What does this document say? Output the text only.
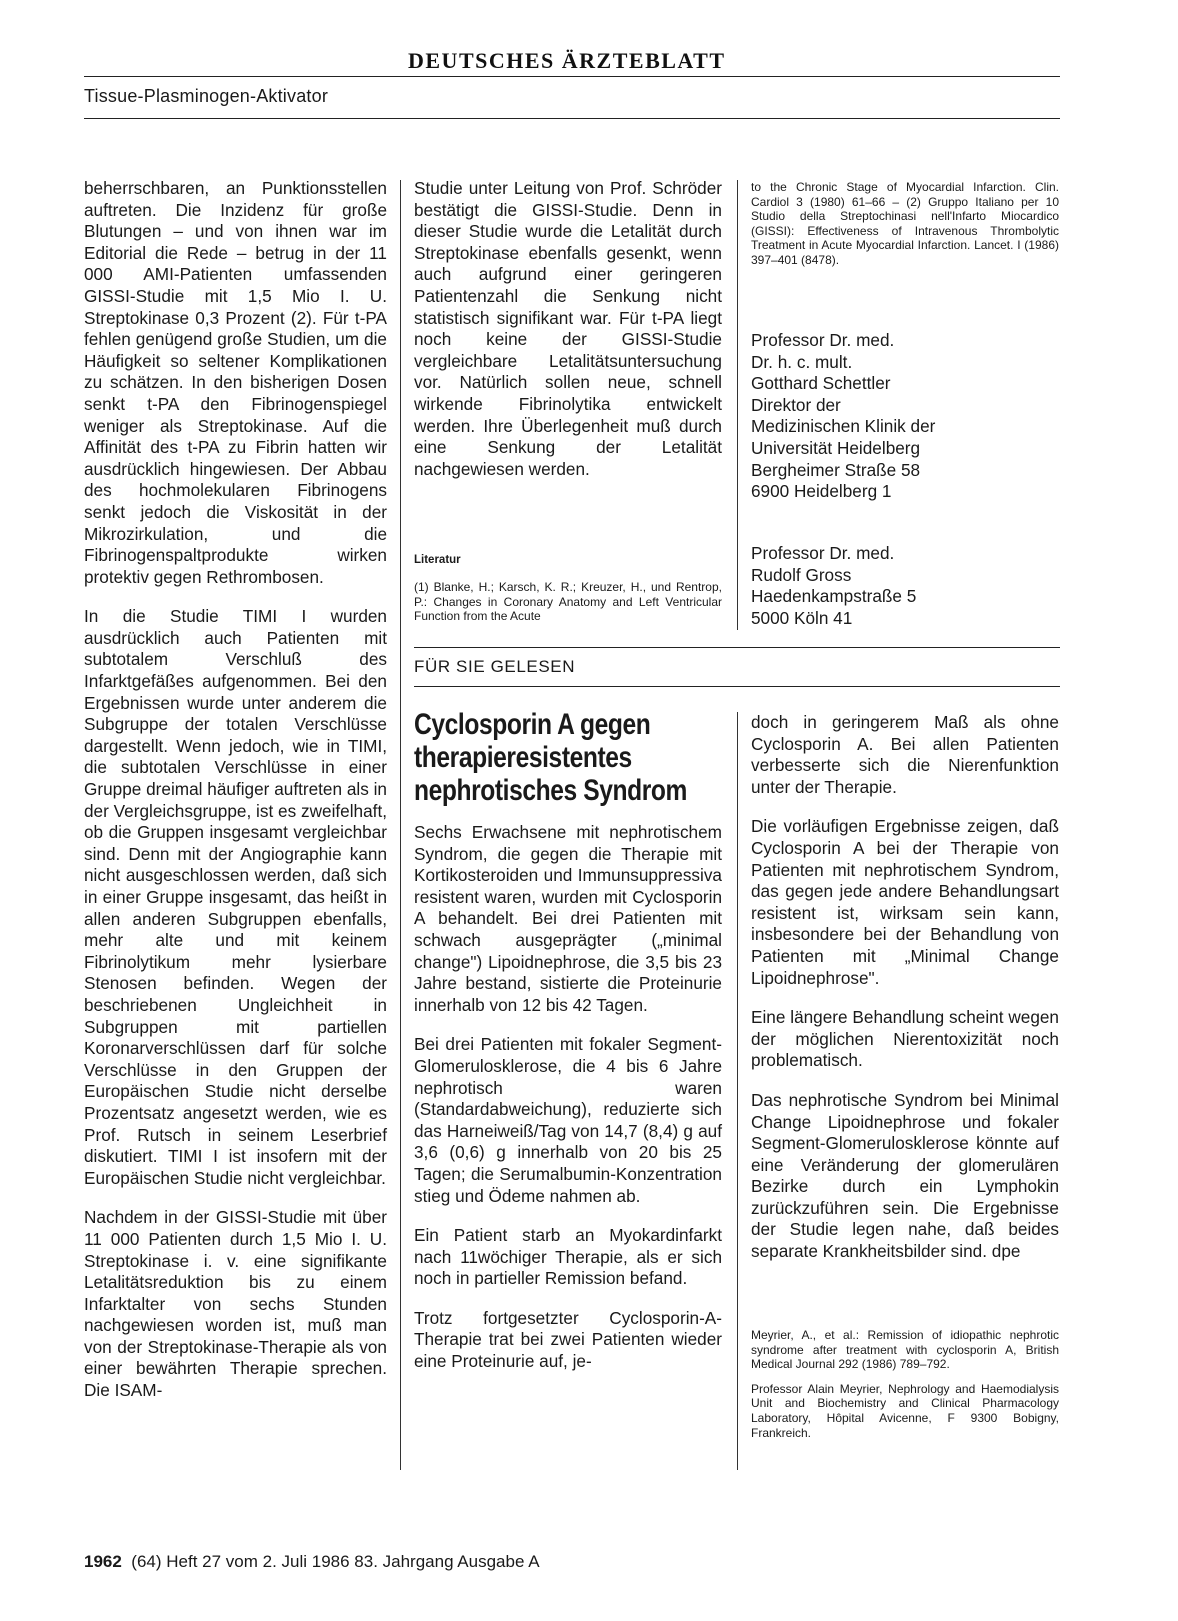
DEUTSCHES ÄRZTEBLATT
Tissue-Plasminogen-Aktivator

beherrschbaren, an Punktionsstellen auftreten. Die Inzidenz für große Blutungen – und von ihnen war im Editorial die Rede – betrug in der 11 000 AMI-Patienten umfassenden GISSI-Studie mit 1,5 Mio I. U. Streptokinase 0,3 Prozent (2). Für t-PA fehlen genügend große Studien, um die Häufigkeit so seltener Komplikationen zu schätzen. In den bisherigen Dosen senkt t-PA den Fibrinogenspiegel weniger als Streptokinase. Auf die Affinität des t-PA zu Fibrin hatten wir ausdrücklich hingewiesen. Der Abbau des hochmolekularen Fibrinogens senkt jedoch die Viskosität in der Mikrozirkulation, und die Fibrinogenspaltprodukte wirken protektiv gegen Rethrombosen.

In die Studie TIMI I wurden ausdrücklich auch Patienten mit subtotalem Verschluß des Infarktgefäßes aufgenommen. Bei den Ergebnissen wurde unter anderem die Subgruppe der totalen Verschlüsse dargestellt. Wenn jedoch, wie in TIMI, die subtotalen Verschlüsse in einer Gruppe dreimal häufiger auftreten als in der Vergleichsgruppe, ist es zweifelhaft, ob die Gruppen insgesamt vergleichbar sind. Denn mit der Angiographie kann nicht ausgeschlossen werden, daß sich in einer Gruppe insgesamt, das heißt in allen anderen Subgruppen ebenfalls, mehr alte und mit keinem Fibrinolytikum mehr lysierbare Stenosen befinden. Wegen der beschriebenen Ungleichheit in Subgruppen mit partiellen Koronarverschlüssen darf für solche Verschlüsse in den Gruppen der Europäischen Studie nicht derselbe Prozentsatz angesetzt werden, wie es Prof. Rutsch in seinem Leserbrief diskutiert. TIMI I ist insofern mit der Europäischen Studie nicht vergleichbar.

Nachdem in der GISSI-Studie mit über 11 000 Patienten durch 1,5 Mio I. U. Streptokinase i. v. eine signifikante Letalitätsreduktion bis zu einem Infarktalter von sechs Stunden nachgewiesen worden ist, muß man von der Streptokinase-Therapie als von einer bewährten Therapie sprechen. Die ISAM-

Studie unter Leitung von Prof. Schröder bestätigt die GISSI-Studie. Denn in dieser Studie wurde die Letalität durch Streptokinase ebenfalls gesenkt, wenn auch aufgrund einer geringeren Patientenzahl die Senkung nicht statistisch signifikant war. Für t-PA liegt noch keine der GISSI-Studie vergleichbare Letalitätsuntersuchung vor. Natürlich sollen neue, schnell wirkende Fibrinolytika entwickelt werden. Ihre Überlegenheit muß durch eine Senkung der Letalität nachgewiesen werden.

Literatur

(1) Blanke, H.; Karsch, K. R.; Kreuzer, H., und Rentrop, P.: Changes in Coronary Anatomy and Left Ventricular Function from the Acute

to the Chronic Stage of Myocardial Infarction. Clin. Cardiol 3 (1980) 61–66 – (2) Gruppo Italiano per 10 Studio della Streptochinasi nell'Infarto Miocardico (GISSI): Effectiveness of Intravenous Thrombolytic Treatment in Acute Myocardial Infarction. Lancet. I (1986) 397–401 (8478).

Professor Dr. med.
Dr. h. c. mult.
Gotthard Schettler
Direktor der
Medizinischen Klinik der
Universität Heidelberg
Bergheimer Straße 58
6900 Heidelberg 1
Professor Dr. med.
Rudolf Gross
Haedenkampstraße 5
5000 Köln 41
FÜR SIE GELESEN
Cyclosporin A gegen
therapieresistentes
nephrotisches Syndrom

Sechs Erwachsene mit nephrotischem Syndrom, die gegen die Therapie mit Kortikosteroiden und Immunsuppressiva resistent waren, wurden mit Cyclosporin A behandelt. Bei drei Patienten mit schwach ausgeprägter („minimal change") Lipoidnephrose, die 3,5 bis 23 Jahre bestand, sistierte die Proteinurie innerhalb von 12 bis 42 Tagen.

Bei drei Patienten mit fokaler Segment-Glomerulosklerose, die 4 bis 6 Jahre nephrotisch waren (Standardabweichung), reduzierte sich das Harneiweiß/Tag von 14,7 (8,4) g auf 3,6 (0,6) g innerhalb von 20 bis 25 Tagen; die Serumalbumin-Konzentration stieg und Ödeme nahmen ab.

Ein Patient starb an Myokardinfarkt nach 11wöchiger Therapie, als er sich noch in partieller Remission befand.

Trotz fortgesetzter Cyclosporin-A-Therapie trat bei zwei Patienten wieder eine Proteinurie auf, je-

doch in geringerem Maß als ohne Cyclosporin A. Bei allen Patienten verbesserte sich die Nierenfunktion unter der Therapie.

Die vorläufigen Ergebnisse zeigen, daß Cyclosporin A bei der Therapie von Patienten mit nephrotischem Syndrom, das gegen jede andere Behandlungsart resistent ist, wirksam sein kann, insbesondere bei der Behandlung von Patienten mit „Minimal Change Lipoidnephrose".

Eine längere Behandlung scheint wegen der möglichen Nierentoxizität noch problematisch.

Das nephrotische Syndrom bei Minimal Change Lipoidnephrose und fokaler Segment-Glomerulosklerose könnte auf eine Veränderung der glomerulären Bezirke durch ein Lymphokin zurückzuführen sein. Die Ergebnisse der Studie legen nahe, daß beides separate Krankheitsbilder sind. dpe

Meyrier, A., et al.: Remission of idiopathic nephrotic syndrome after treatment with cyclosporin A, British Medical Journal 292 (1986) 789–792.

Professor Alain Meyrier, Nephrology and Haemodialysis Unit and Biochemistry and Clinical Pharmacology Laboratory, Hôpital Avicenne, F 9300 Bobigny, Frankreich.

1962 (64) Heft 27 vom 2. Juli 1986 83. Jahrgang Ausgabe A
